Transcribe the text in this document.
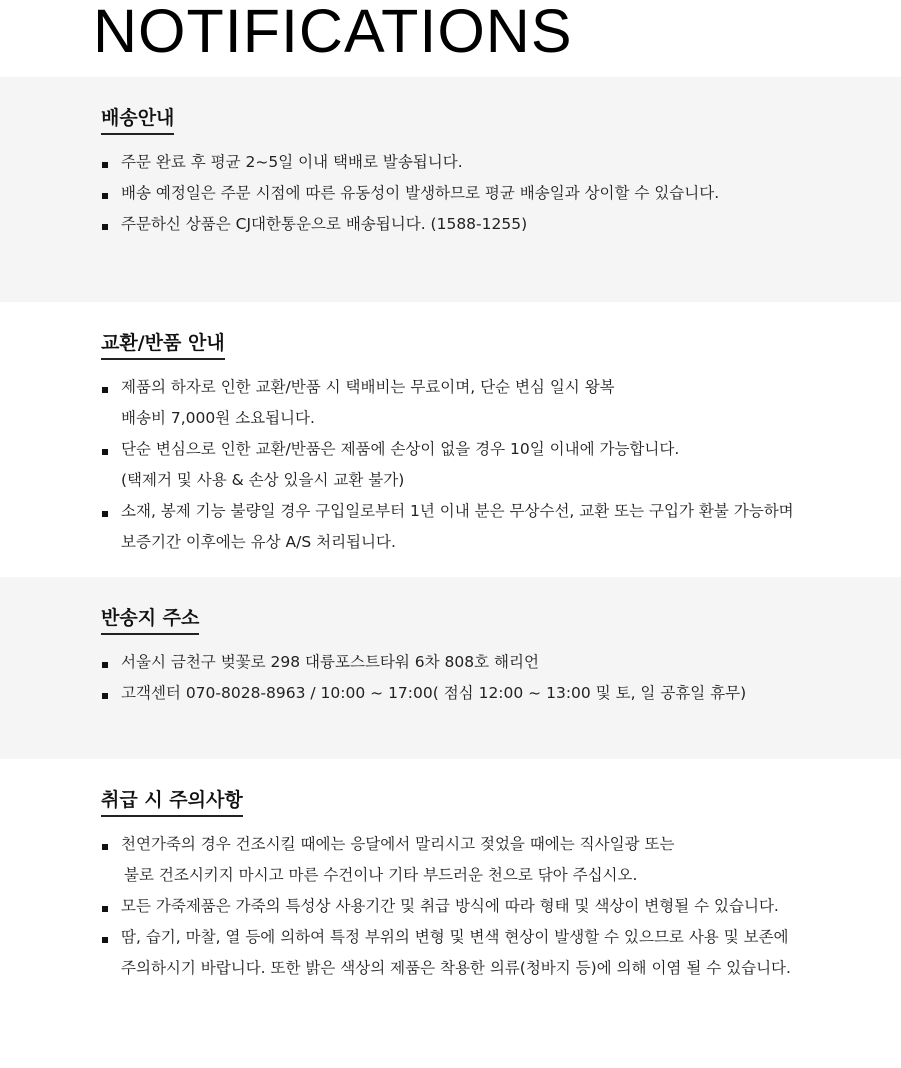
NOTIFICATIONS
배송안내
주문 완료 후 평균 2~5일 이내 택배로 발송됩니다.
배송 예정일은 주문 시점에 따른 유동성이 발생하므로 평균 배송일과 상이할 수 있습니다.
주문하신 상품은 CJ대한통운으로 배송됩니다. (1588-1255)
교환/반품 안내
제품의 하자로 인한 교환/반품 시 택배비는 무료이며, 단순 변심 일시 왕복
배송비 7,000원 소요됩니다.
단순 변심으로 인한 교환/반품은 제품에 손상이 없을 경우 10일 이내에 가능합니다.
(택제거 및 사용 & 손상 있을시 교환 불가)
소재, 봉제 기능 불량일 경우 구입일로부터 1년 이내 분은 무상수선, 교환 또는 구입가 환불 가능하며
보증기간 이후에는 유상 A/S 처리됩니다.
반송지 주소
서울시 금천구 벚꽃로 298 대륭포스트타워 6차 808호 해리언
고객센터 070-8028-8963 / 10:00 ~ 17:00( 점심 12:00 ~ 13:00 및 토, 일 공휴일 휴무)
취급 시 주의사항
천연가죽의 경우 건조시킬 때에는 응달에서 말리시고 젖었을 때에는 직사일광 또는
불로 건조시키지 마시고 마른 수건이나 기타 부드러운 천으로 닦아 주십시오.
모든 가죽제품은 가죽의 특성상 사용기간 및 취급 방식에 따라 형태 및 색상이 변형될 수 있습니다.
땀, 습기, 마찰, 열 등에 의하여 특정 부위의 변형 및 변색 현상이 발생할 수 있으므로 사용 및 보존에
주의하시기 바랍니다. 또한 밝은 색상의 제품은 착용한 의류(청바지 등)에 의해 이염 될 수 있습니다.
